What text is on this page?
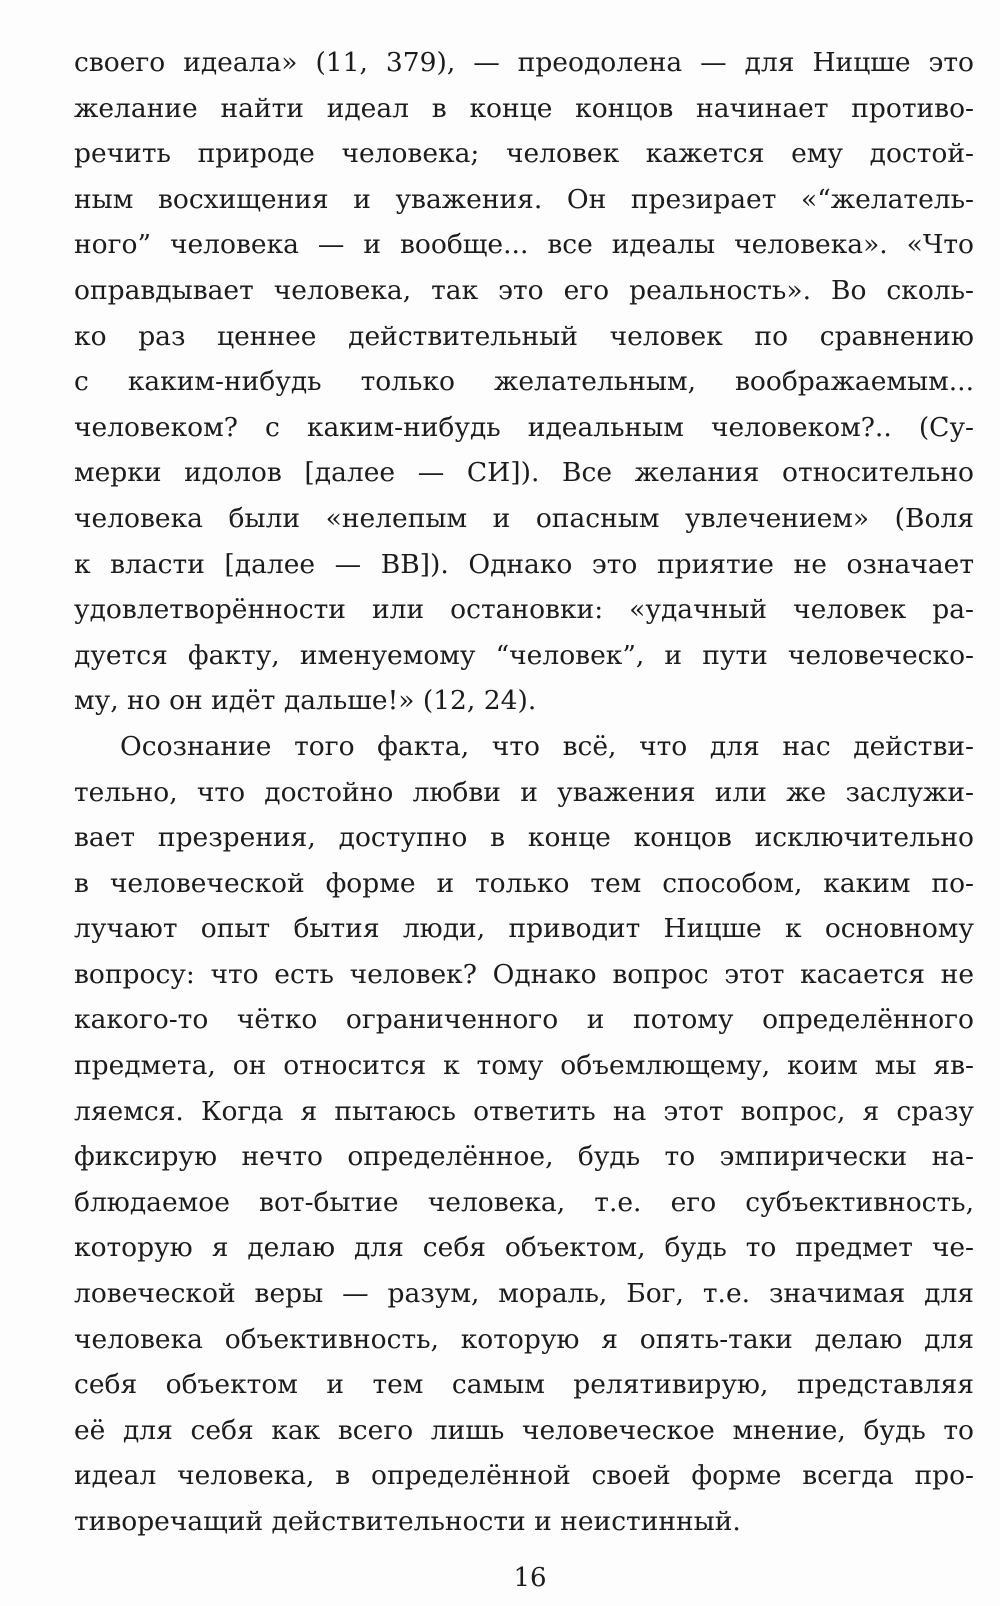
своего идеала» (11, 379), — преодолена — для Ницше это
желание найти идеал в конце концов начинает противо-
речить природе человека; человек кажется ему достой-
ным восхищения и уважения. Он презирает «“желатель-
ного” человека — и вообще... все идеалы человека». «Что
оправдывает человека, так это его реальность». Во сколь-
ко раз ценнее действительный человек по сравнению
с каким-нибудь только желательным, воображаемым...
человеком? с каким-нибудь идеальным человеком?.. (Су-
мерки идолов [далее — СИ]). Все желания относительно
человека были «нелепым и опасным увлечением» (Воля
к власти [далее — ВВ]). Однако это приятие не означает
удовлетворённости или остановки: «удачный человек ра-
дуется факту, именуемому “человек”, и пути человеческо-
му, но он идёт дальше!» (12, 24).
Осознание того факта, что всё, что для нас действи-
тельно, что достойно любви и уважения или же заслужи-
вает презрения, доступно в конце концов исключительно
в человеческой форме и только тем способом, каким по-
лучают опыт бытия люди, приводит Ницше к основному
вопросу: что есть человек? Однако вопрос этот касается не
какого-то чётко ограниченного и потому определённого
предмета, он относится к тому объемлющему, коим мы яв-
ляемся. Когда я пытаюсь ответить на этот вопрос, я сразу
фиксирую нечто определённое, будь то эмпирически на-
блюдаемое вот-бытие человека, т.е. его субъективность,
которую я делаю для себя объектом, будь то предмет че-
ловеческой веры — разум, мораль, Бог, т.е. значимая для
человека объективность, которую я опять-таки делаю для
себя объектом и тем самым релятивирую, представляя
её для себя как всего лишь человеческое мнение, будь то
идеал человека, в определённой своей форме всегда про-
тиворечащий действительности и неистинный.
16
